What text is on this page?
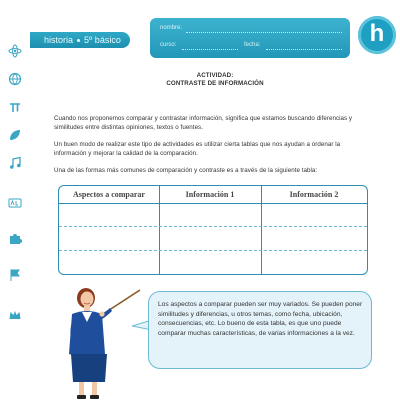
historia 5º básico
nombre:
curso:	fecha:	h
ACTIVIDAD:
CONTRASTE DE INFORMACIÓN
Cuando nos proponemos comparar y contrastar información, significa que estamos buscando diferencias y similitudes entre distintas opiniones, textos o fuentes.
Un buen modo de realizar este tipo de actividades es utilizar cierta tablas que nos ayudan a ordenar la información y mejorar la calidad de la comparación.
Una de las formas más comunes de comparación y contraste es a través de la siguiente tabla:
Aspectos a comparar	Información 1	Información 2
Los aspectos a comparar pueden ser muy variados. Se pueden poner similitudes y diferencias, u otros temas, como fecha, ubicación, consecuencias, etc. Lo bueno de esta tabla, es que uno puede comparar muchas características, de varias informaciones a la vez.
